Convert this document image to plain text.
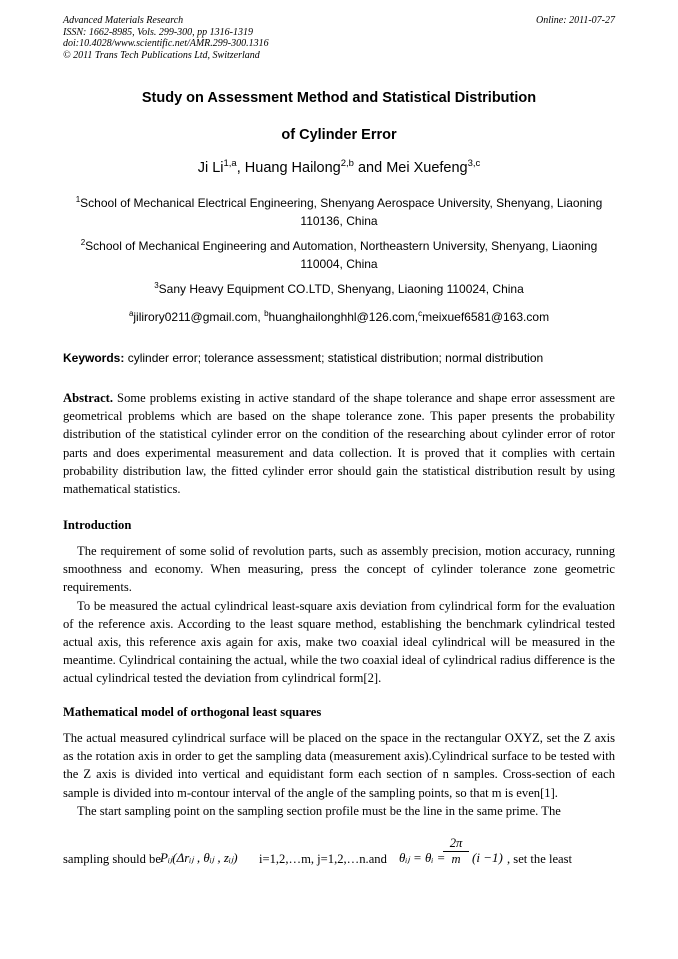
Advanced Materials Research
ISSN: 1662-8985, Vols. 299-300, pp 1316-1319
doi:10.4028/www.scientific.net/AMR.299-300.1316
© 2011 Trans Tech Publications Ltd, Switzerland
Online: 2011-07-27
Study on Assessment Method and Statistical Distribution
of Cylinder Error
Ji Li$^{1,a}$, Huang Hailong$^{2,b}$ and Mei Xuefeng$^{3,c}$
$^1$School of Mechanical Electrical Engineering, Shenyang Aerospace University, Shenyang, Liaoning
110136, China
$^2$School of Mechanical Engineering and Automation, Northeastern University, Shenyang, Liaoning
110004, China
$^3$Sany Heavy Equipment CO.LTD, Shenyang, Liaoning 110024, China
$^a$jilirory0211@gmail.com, $^b$huanghailonghhl@126.com,$^c$meixuef6581@163.com
Keywords: cylinder error; tolerance assessment; statistical distribution; normal distribution
Abstract. Some problems existing in active standard of the shape tolerance and shape error assessment are geometrical problems which are based on the shape tolerance zone. This paper presents the probability distribution of the statistical cylinder error on the condition of the researching about cylinder error of rotor parts and does experimental measurement and data collection. It is proved that it complies with certain probability distribution law, the fitted cylinder error should gain the statistical distribution result by using mathematical statistics.
Introduction

The requirement of some solid of revolution parts, such as assembly precision, motion accuracy, running smoothness and economy. When measuring, press the concept of cylinder tolerance zone geometric requirements.

To be measured the actual cylindrical least-square axis deviation from cylindrical form for the evaluation of the reference axis. According to the least square method, establishing the benchmark cylindrical tested actual axis, this reference axis again for axis, make two coaxial ideal cylindrical will be measured in the meantime. Cylindrical containing the actual, while the two coaxial ideal of cylindrical radius difference is the actual cylindrical tested the deviation from cylindrical form[2].

Mathematical model of orthogonal least squares

The actual measured cylindrical surface will be placed on the space in the rectangular OXYZ, set the Z axis as the rotation axis in order to get the sampling data (measurement axis).Cylindrical surface to be tested with the Z axis is divided into vertical and equidistant form each section of n samples. Cross-section of each sample is divided into m-contour interval of the angle of the sampling points, so that m is even[1].

The start sampling point on the sampling section profile must be the line in the same prime. The

sampling should be Pᵢⱼ(Δrᵢⱼ , θᵢⱼ , zᵢⱼ) i=1,2,…m, j=1,2,…n.and θᵢⱼ = θᵢ =
$\frac{2\pi}{m} (i -1)$ , set the least
